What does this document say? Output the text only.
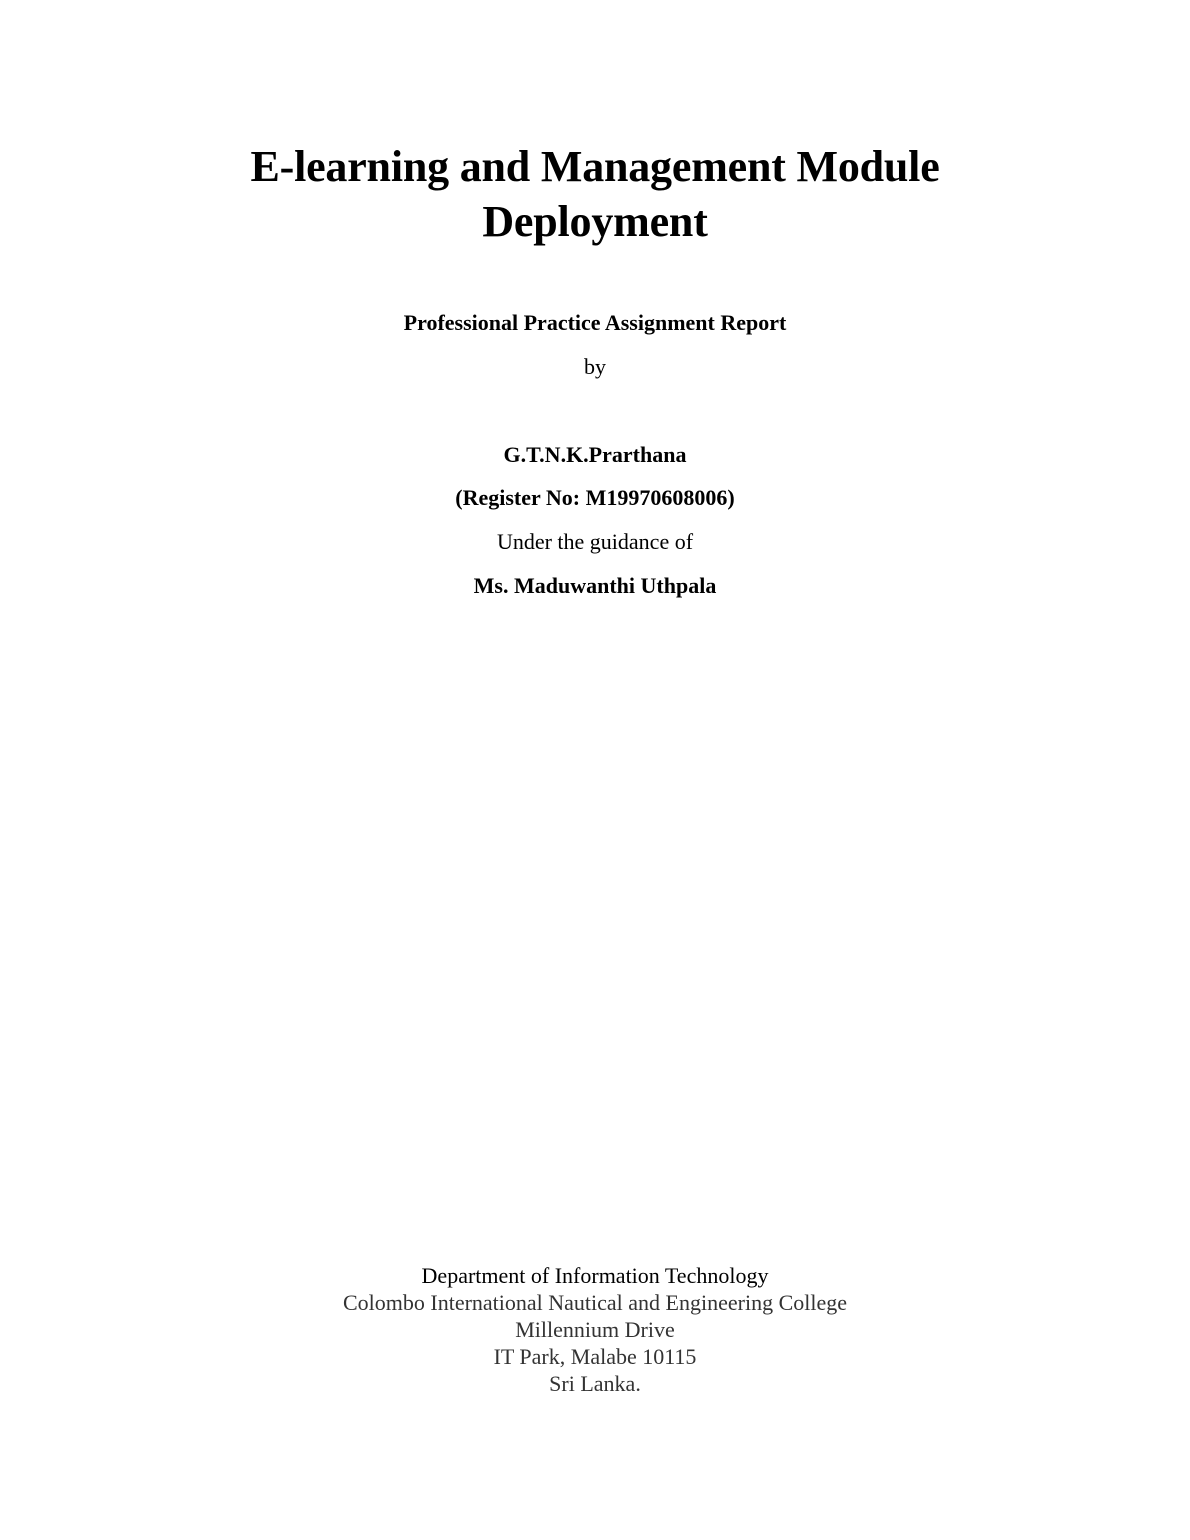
E-learning and Management Module
Deployment
Professional Practice Assignment Report
by
G.T.N.K.Prarthana
(Register No: M19970608006)
Under the guidance of
Ms. Maduwanthi Uthpala
Department of Information Technology
Colombo International Nautical and Engineering College
Millennium Drive
IT Park, Malabe 10115
Sri Lanka.
